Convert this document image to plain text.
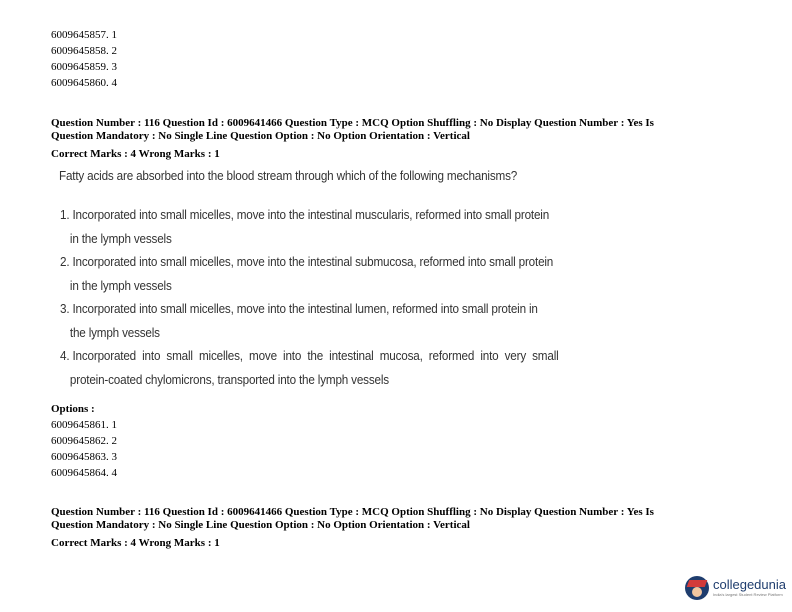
6009645857. 1
6009645858. 2
6009645859. 3
6009645860. 4
Question Number : 116 Question Id : 6009641466 Question Type : MCQ Option Shuffling : No Display Question Number : Yes Is
Question Mandatory : No Single Line Question Option : No Option Orientation : Vertical
Correct Marks : 4 Wrong Marks : 1
Fatty acids are absorbed into the blood stream through which of the following mechanisms?
1. Incorporated into small micelles, move into the intestinal muscularis, reformed into small protein
in the lymph vessels
2. Incorporated into small micelles, move into the intestinal submucosa, reformed into small protein
in the lymph vessels
3. Incorporated into small micelles, move into the intestinal lumen, reformed into small protein in
the lymph vessels
4. Incorporated  into  small  micelles,  move  into  the  intestinal  mucosa,  reformed  into  very  small
protein-coated chylomicrons, transported into the lymph vessels
Options :
6009645861. 1
6009645862. 2
6009645863. 3
6009645864. 4
Question Number : 116 Question Id : 6009641466 Question Type : MCQ Option Shuffling : No Display Question Number : Yes Is
Question Mandatory : No Single Line Question Option : No Option Orientation : Vertical
Correct Marks : 4 Wrong Marks : 1
collegedunia
India's largest Student Review Platform
